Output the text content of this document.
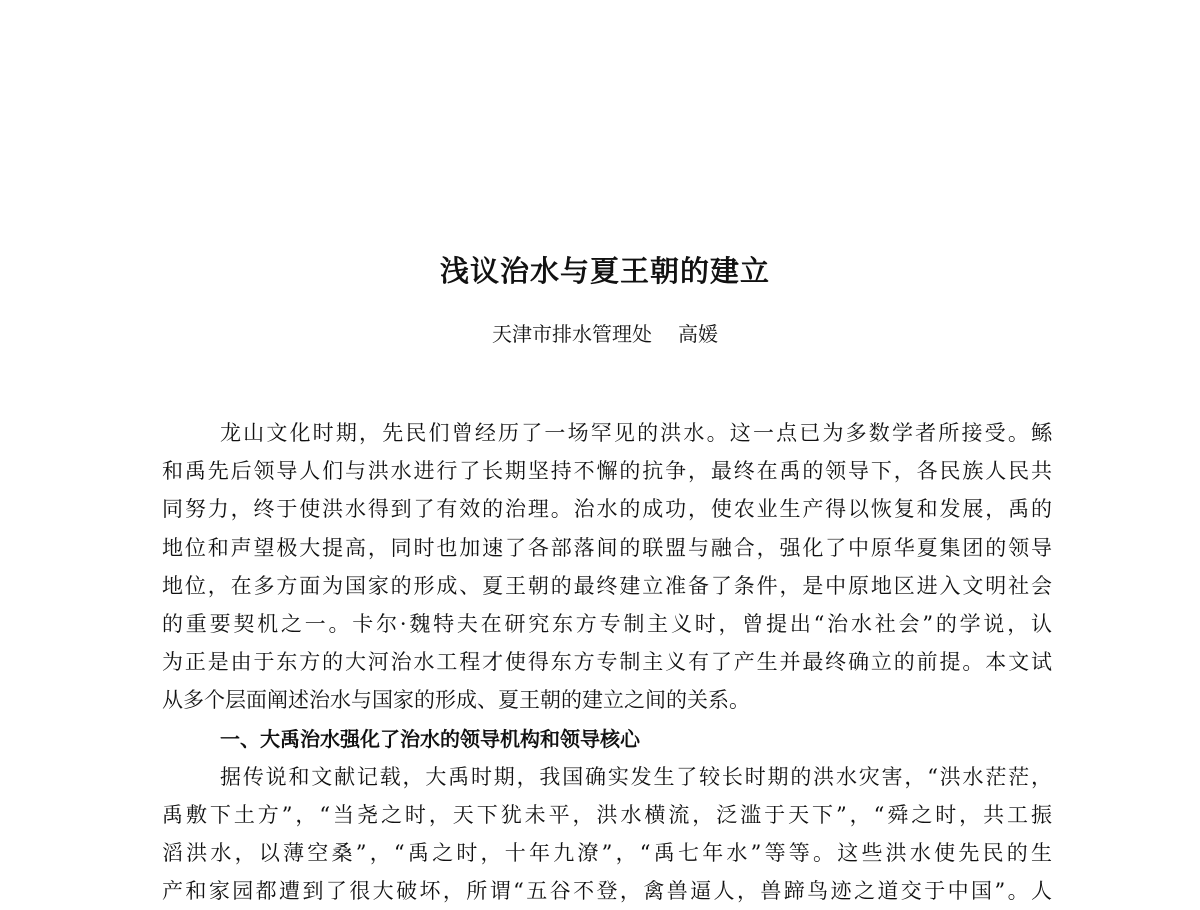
浅议治水与夏王朝的建立
天津市排水管理处 高媛
龙山文化时期，先民们曾经历了一场罕见的洪水。这一点已为多数学者所接受。鲧
和禹先后领导人们与洪水进行了长期坚持不懈的抗争，最终在禹的领导下，各民族人民共
同努力，终于使洪水得到了有效的治理。治水的成功，使农业生产得以恢复和发展，禹的
地位和声望极大提高，同时也加速了各部落间的联盟与融合，强化了中原华夏集团的领导
地位，在多方面为国家的形成、夏王朝的最终建立准备了条件，是中原地区进入文明社会
的重要契机之一。卡尔·魏特夫在研究东方专制主义时，曾提出“治水社会”的学说，认
为正是由于东方的大河治水工程才使得东方专制主义有了产生并最终确立的前提。本文试
从多个层面阐述治水与国家的形成、夏王朝的建立之间的关系。
一、大禹治水强化了治水的领导机构和领导核心
据传说和文献记载，大禹时期，我国确实发生了较长时期的洪水灾害，“洪水茫茫，
禹敷下土方”，“当尧之时，天下犹未平，洪水横流，泛滥于天下”，“舜之时，共工振
滔洪水，以薄空桑”，“禹之时，十年九潦”，“禹七年水”等等。这些洪水使先民的生
产和家园都遭到了很大破坏，所谓“五谷不登，禽兽逼人，兽蹄鸟迹之道交于中国”。人
